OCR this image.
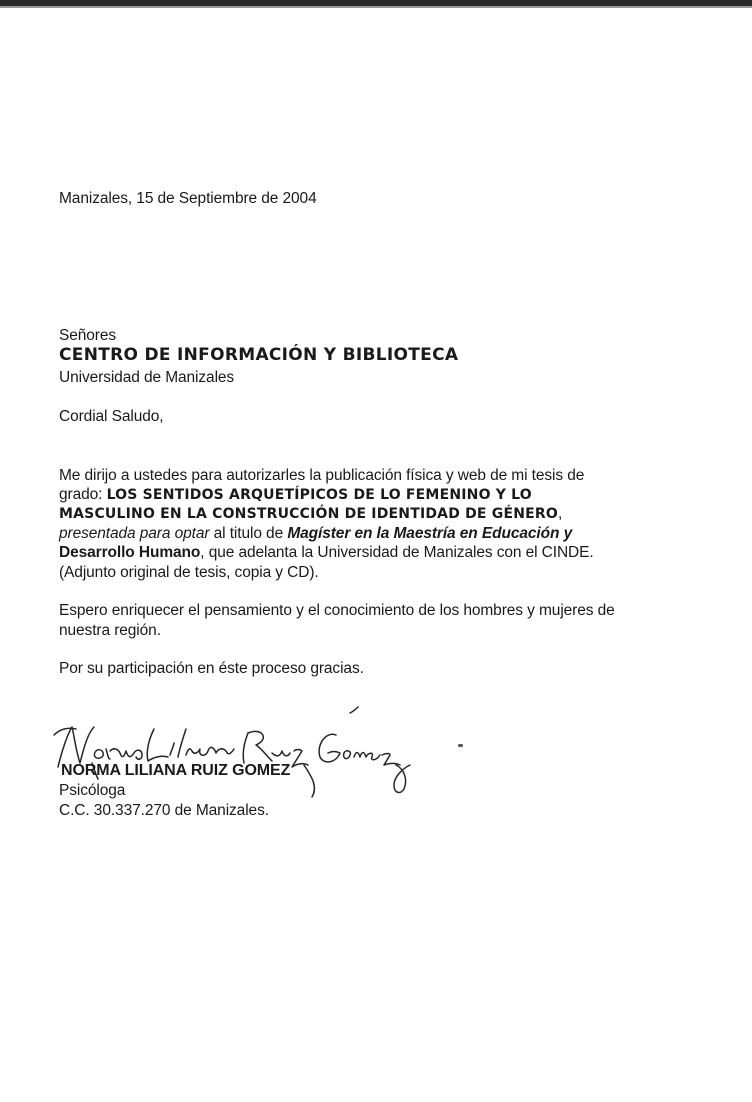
Manizales, 15 de Septiembre de 2004
Señores
CENTRO DE INFORMACIÓN Y BIBLIOTECA
Universidad de Manizales
Cordial Saludo,
Me dirijo a ustedes para autorizarles la publicación física y web de mi tesis de
grado: LOS SENTIDOS ARQUETÍPICOS DE LO FEMENINO Y LO
MASCULINO EN LA CONSTRUCCIÓN DE IDENTIDAD DE GÉNERO,
presentada para optar al titulo de Magíster en la Maestría en Educación y
Desarrollo Humano, que adelanta la Universidad de Manizales con el CINDE.
(Adjunto original de tesis, copia y CD).
Espero enriquecer el pensamiento y el conocimiento de los hombres y mujeres de
nuestra región.
Por su participación en éste proceso gracias.
NORMA LILIANA RUIZ GOMEZ
Psicóloga
C.C. 30.337.270 de Manizales.
